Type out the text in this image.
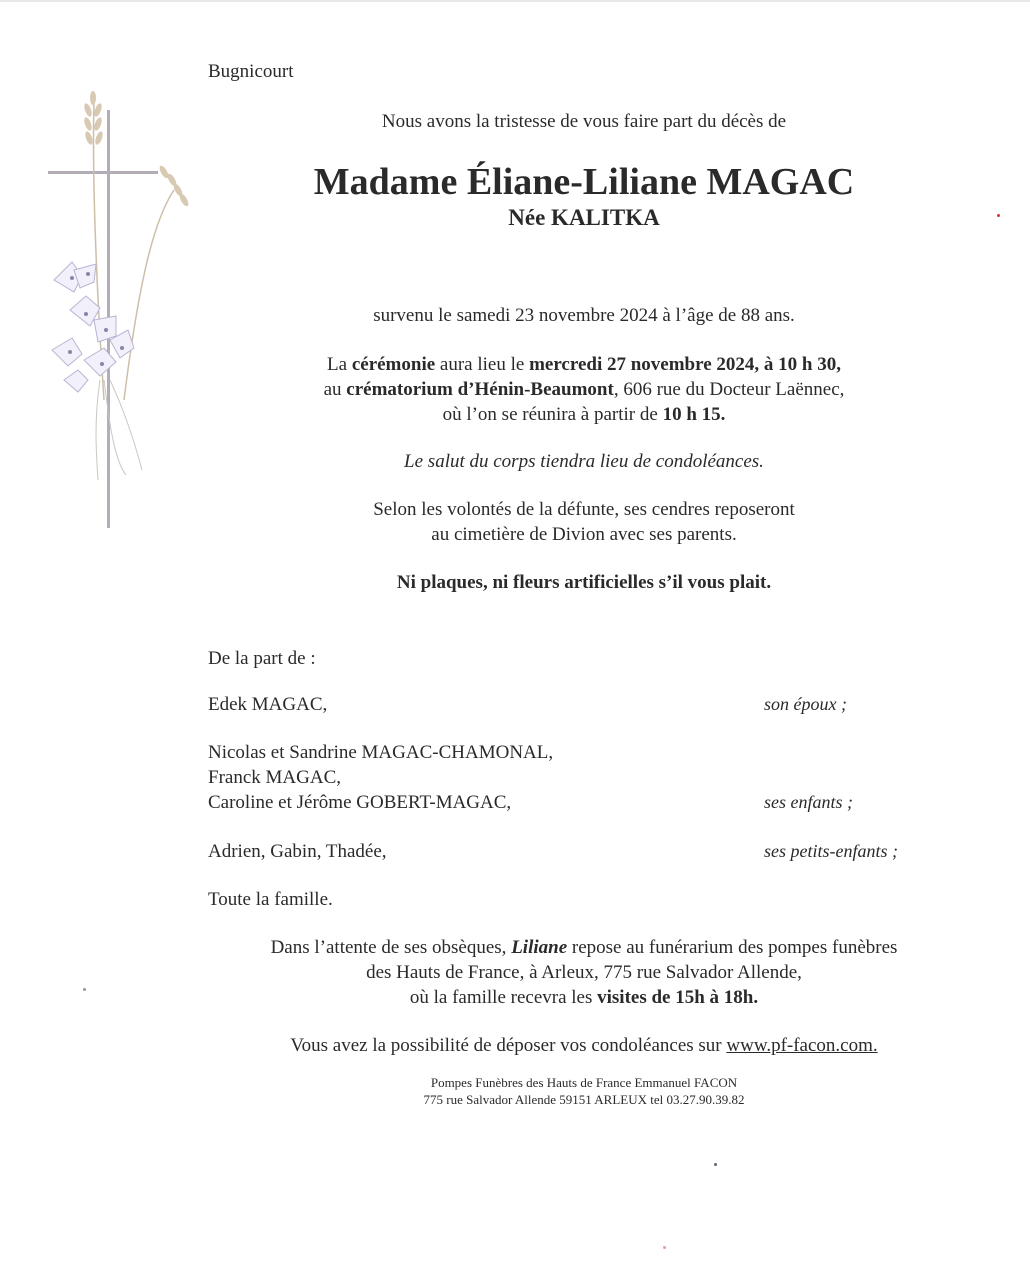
Bugnicourt
Nous avons la tristesse de vous faire part du décès de
Madame Éliane-Liliane MAGAC
Née KALITKA
survenu le samedi 23 novembre 2024 à l’âge de 88 ans.
La cérémonie aura lieu le mercredi 27 novembre 2024, à 10 h 30,
au crématorium d’Hénin-Beaumont, 606 rue du Docteur Laënnec,
où l’on se réunira à partir de 10 h 15.
Le salut du corps tiendra lieu de condoléances.
Selon les volontés de la défunte, ses cendres reposeront
au cimetière de Divion avec ses parents.
Ni plaques, ni fleurs artificielles s’il vous plait.
De la part de :
Edek MAGAC,	son époux ;
Nicolas et Sandrine MAGAC-CHAMONAL,
Franck MAGAC,
Caroline et Jérôme GOBERT-MAGAC,	ses enfants ;
Adrien, Gabin, Thadée,	ses petits-enfants ;
Toute la famille.
Dans l’attente de ses obsèques, Liliane repose au funérarium des pompes funèbres
des Hauts de France, à Arleux, 775 rue Salvador Allende,
où la famille recevra les visites de 15h à 18h.
Vous avez la possibilité de déposer vos condoléances sur www.pf-facon.com.
Pompes Funèbres des Hauts de France Emmanuel FACON
775 rue Salvador Allende 59151 ARLEUX tel 03.27.90.39.82
